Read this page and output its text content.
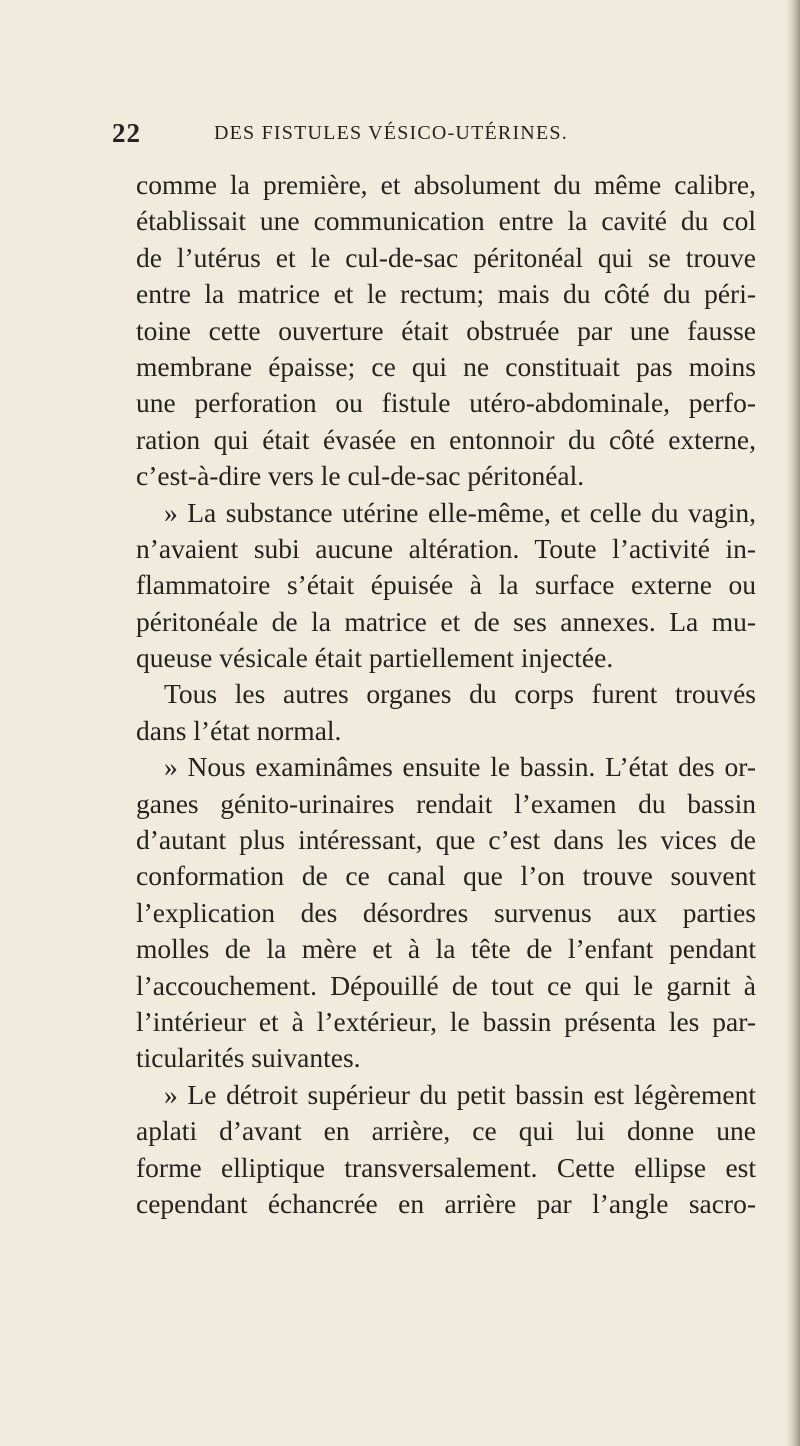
22	DES FISTULES VÉSICO-UTÉRINES.
comme la première, et absolument du même calibre,
établissait une communication entre la cavité du col
de l’utérus et le cul-de-sac péritonéal qui se trouve
entre la matrice et le rectum; mais du côté du péri-
toine cette ouverture était obstruée par une fausse
membrane épaisse; ce qui ne constituait pas moins
une perforation ou fistule utéro-abdominale, perfo-
ration qui était évasée en entonnoir du côté externe,
c’est-à-dire vers le cul-de-sac péritonéal.
» La substance utérine elle-même, et celle du vagin,
n’avaient subi aucune altération. Toute l’activité in-
flammatoire s’était épuisée à la surface externe ou
péritonéale de la matrice et de ses annexes. La mu-
queuse vésicale était partiellement injectée.
Tous les autres organes du corps furent trouvés
dans l’état normal.
» Nous examinâmes ensuite le bassin. L’état des or-
ganes génito-urinaires rendait l’examen du bassin
d’autant plus intéressant, que c’est dans les vices de
conformation de ce canal que l’on trouve souvent
l’explication des désordres survenus aux parties
molles de la mère et à la tête de l’enfant pendant
l’accouchement. Dépouillé de tout ce qui le garnit à
l’intérieur et à l’extérieur, le bassin présenta les par-
ticularités suivantes.
» Le détroit supérieur du petit bassin est légèrement
aplati d’avant en arrière, ce qui lui donne une
forme elliptique transversalement. Cette ellipse est
cependant échancrée en arrière par l’angle sacro-
